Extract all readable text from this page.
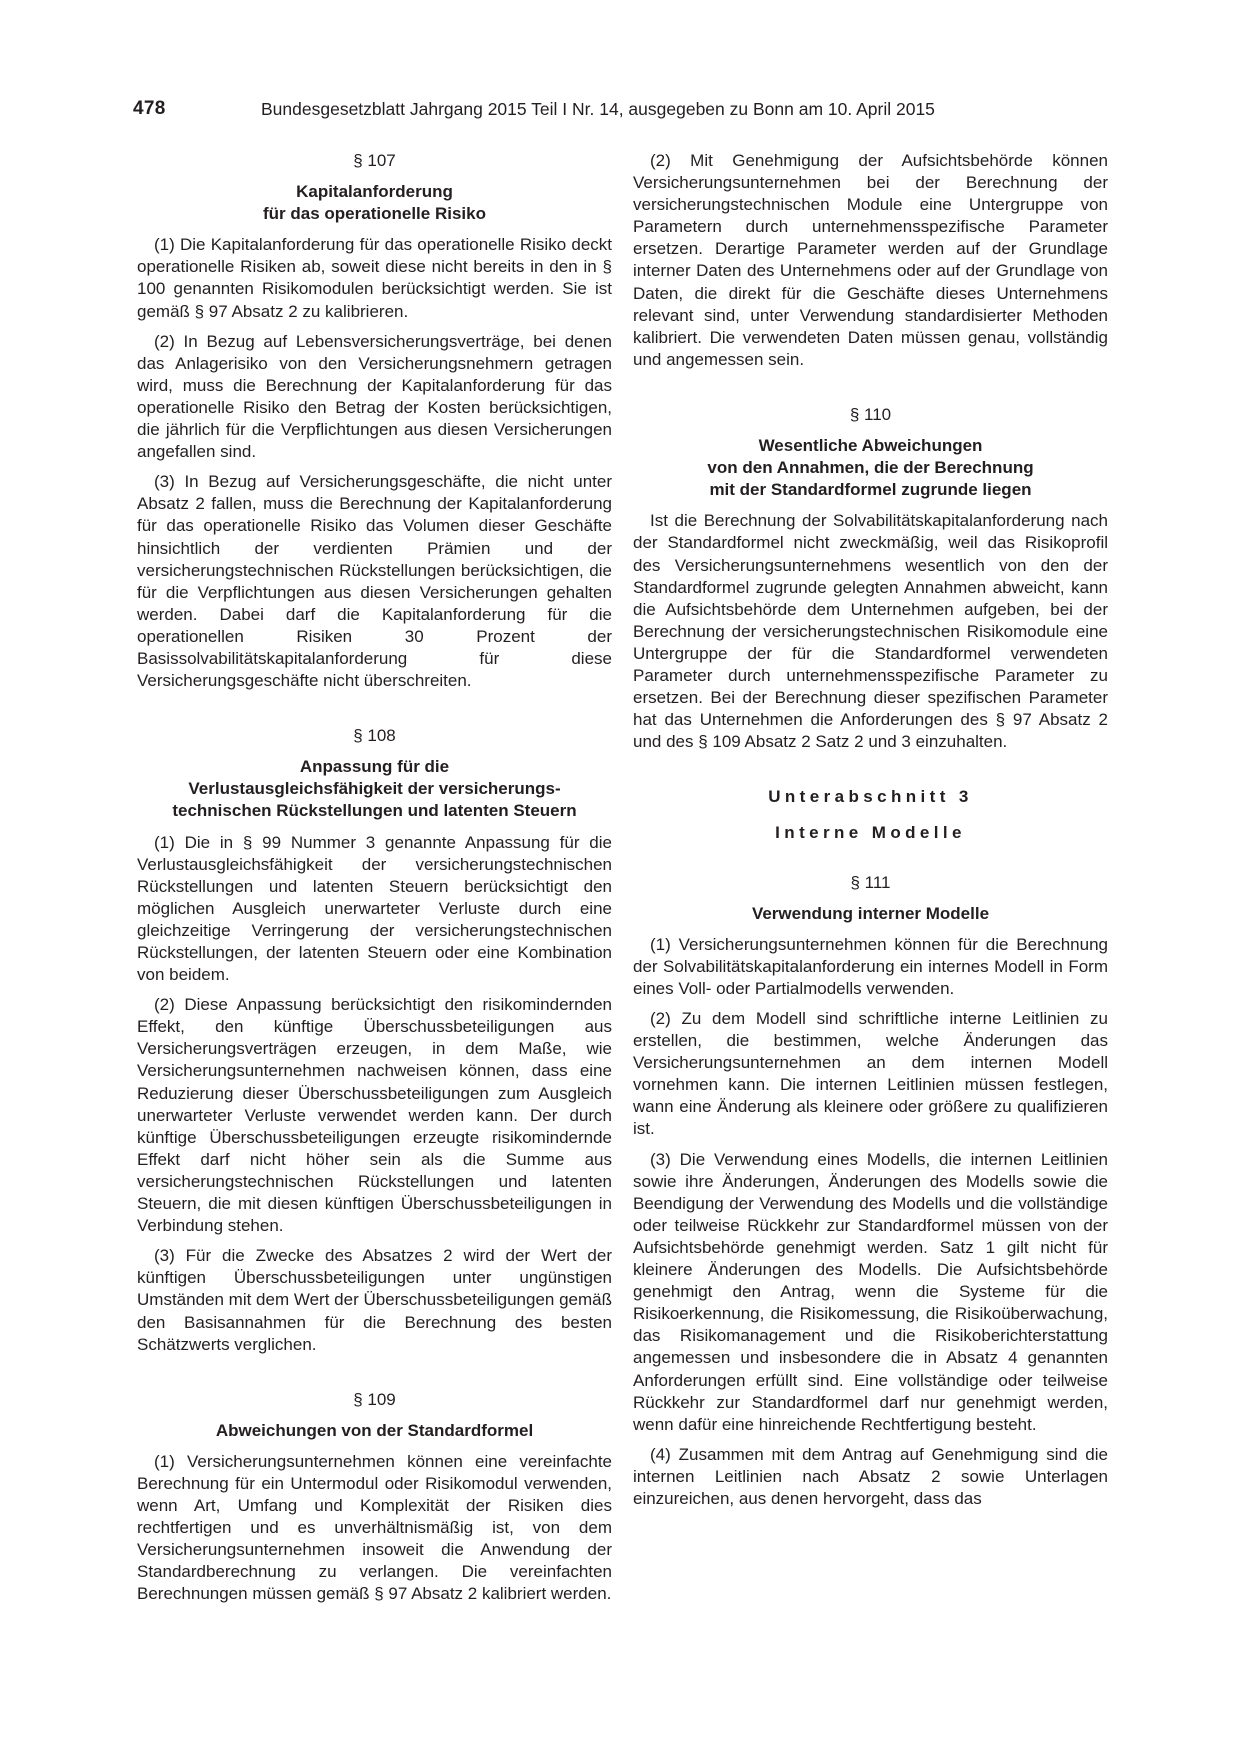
478	Bundesgesetzblatt Jahrgang 2015 Teil I Nr. 14, ausgegeben zu Bonn am 10. April 2015

§ 107

Kapitalanforderung
für das operationelle Risiko

(1) Die Kapitalanforderung für das operationelle Risiko deckt operationelle Risiken ab, soweit diese nicht bereits in den in § 100 genannten Risikomodulen berücksichtigt werden. Sie ist gemäß § 97 Absatz 2 zu kalibrieren.

(2) In Bezug auf Lebensversicherungsverträge, bei denen das Anlagerisiko von den Versicherungsnehmern getragen wird, muss die Berechnung der Kapitalanforderung für das operationelle Risiko den Betrag der Kosten berücksichtigen, die jährlich für die Verpflichtungen aus diesen Versicherungen angefallen sind.

(3) In Bezug auf Versicherungsgeschäfte, die nicht unter Absatz 2 fallen, muss die Berechnung der Kapitalanforderung für das operationelle Risiko das Volumen dieser Geschäfte hinsichtlich der verdienten Prämien und der versicherungstechnischen Rückstellungen berücksichtigen, die für die Verpflichtungen aus diesen Versicherungen gehalten werden. Dabei darf die Kapitalanforderung für die operationellen Risiken 30 Prozent der Basissolvabilitätskapitalanforderung für diese Versicherungsgeschäfte nicht überschreiten.

§ 108

Anpassung für die
Verlustausgleichsfähigkeit der versicherungs-
technischen Rückstellungen und latenten Steuern

(1) Die in § 99 Nummer 3 genannte Anpassung für die Verlustausgleichsfähigkeit der versicherungstechnischen Rückstellungen und latenten Steuern berücksichtigt den möglichen Ausgleich unerwarteter Verluste durch eine gleichzeitige Verringerung der versicherungstechnischen Rückstellungen, der latenten Steuern oder eine Kombination von beidem.

(2) Diese Anpassung berücksichtigt den risikomindernden Effekt, den künftige Überschussbeteiligungen aus Versicherungsverträgen erzeugen, in dem Maße, wie Versicherungsunternehmen nachweisen können, dass eine Reduzierung dieser Überschussbeteiligungen zum Ausgleich unerwarteter Verluste verwendet werden kann. Der durch künftige Überschussbeteiligungen erzeugte risikomindernde Effekt darf nicht höher sein als die Summe aus versicherungstechnischen Rückstellungen und latenten Steuern, die mit diesen künftigen Überschussbeteiligungen in Verbindung stehen.

(3) Für die Zwecke des Absatzes 2 wird der Wert der künftigen Überschussbeteiligungen unter ungünstigen Umständen mit dem Wert der Überschussbeteiligungen gemäß den Basisannahmen für die Berechnung des besten Schätzwerts verglichen.

§ 109

Abweichungen von der Standardformel

(1) Versicherungsunternehmen können eine vereinfachte Berechnung für ein Untermodul oder Risikomodul verwenden, wenn Art, Umfang und Komplexität der Risiken dies rechtfertigen und es unverhältnismäßig ist, von dem Versicherungsunternehmen insoweit die Anwendung der Standardberechnung zu verlangen. Die vereinfachten Berechnungen müssen gemäß § 97 Absatz 2 kalibriert werden.

(2) Mit Genehmigung der Aufsichtsbehörde können Versicherungsunternehmen bei der Berechnung der versicherungstechnischen Module eine Untergruppe von Parametern durch unternehmensspezifische Parameter ersetzen. Derartige Parameter werden auf der Grundlage interner Daten des Unternehmens oder auf der Grundlage von Daten, die direkt für die Geschäfte dieses Unternehmens relevant sind, unter Verwendung standardisierter Methoden kalibriert. Die verwendeten Daten müssen genau, vollständig und angemessen sein.

§ 110

Wesentliche Abweichungen
von den Annahmen, die der Berechnung
mit der Standardformel zugrunde liegen

Ist die Berechnung der Solvabilitätskapitalanforderung nach der Standardformel nicht zweckmäßig, weil das Risikoprofil des Versicherungsunternehmens wesentlich von den der Standardformel zugrunde gelegten Annahmen abweicht, kann die Aufsichtsbehörde dem Unternehmen aufgeben, bei der Berechnung der versicherungstechnischen Risikomodule eine Untergruppe der für die Standardformel verwendeten Parameter durch unternehmensspezifische Parameter zu ersetzen. Bei der Berechnung dieser spezifischen Parameter hat das Unternehmen die Anforderungen des § 97 Absatz 2 und des § 109 Absatz 2 Satz 2 und 3 einzuhalten.

Unterabschnitt 3

Interne Modelle

§ 111

Verwendung interner Modelle

(1) Versicherungsunternehmen können für die Berechnung der Solvabilitätskapitalanforderung ein internes Modell in Form eines Voll- oder Partialmodells verwenden.

(2) Zu dem Modell sind schriftliche interne Leitlinien zu erstellen, die bestimmen, welche Änderungen das Versicherungsunternehmen an dem internen Modell vornehmen kann. Die internen Leitlinien müssen festlegen, wann eine Änderung als kleinere oder größere zu qualifizieren ist.

(3) Die Verwendung eines Modells, die internen Leitlinien sowie ihre Änderungen, Änderungen des Modells sowie die Beendigung der Verwendung des Modells und die vollständige oder teilweise Rückkehr zur Standardformel müssen von der Aufsichtsbehörde genehmigt werden. Satz 1 gilt nicht für kleinere Änderungen des Modells. Die Aufsichtsbehörde genehmigt den Antrag, wenn die Systeme für die Risikoerkennung, die Risikomessung, die Risikoüberwachung, das Risikomanagement und die Risikoberichterstattung angemessen und insbesondere die in Absatz 4 genannten Anforderungen erfüllt sind. Eine vollständige oder teilweise Rückkehr zur Standardformel darf nur genehmigt werden, wenn dafür eine hinreichende Rechtfertigung besteht.

(4) Zusammen mit dem Antrag auf Genehmigung sind die internen Leitlinien nach Absatz 2 sowie Unterlagen einzureichen, aus denen hervorgeht, dass das
